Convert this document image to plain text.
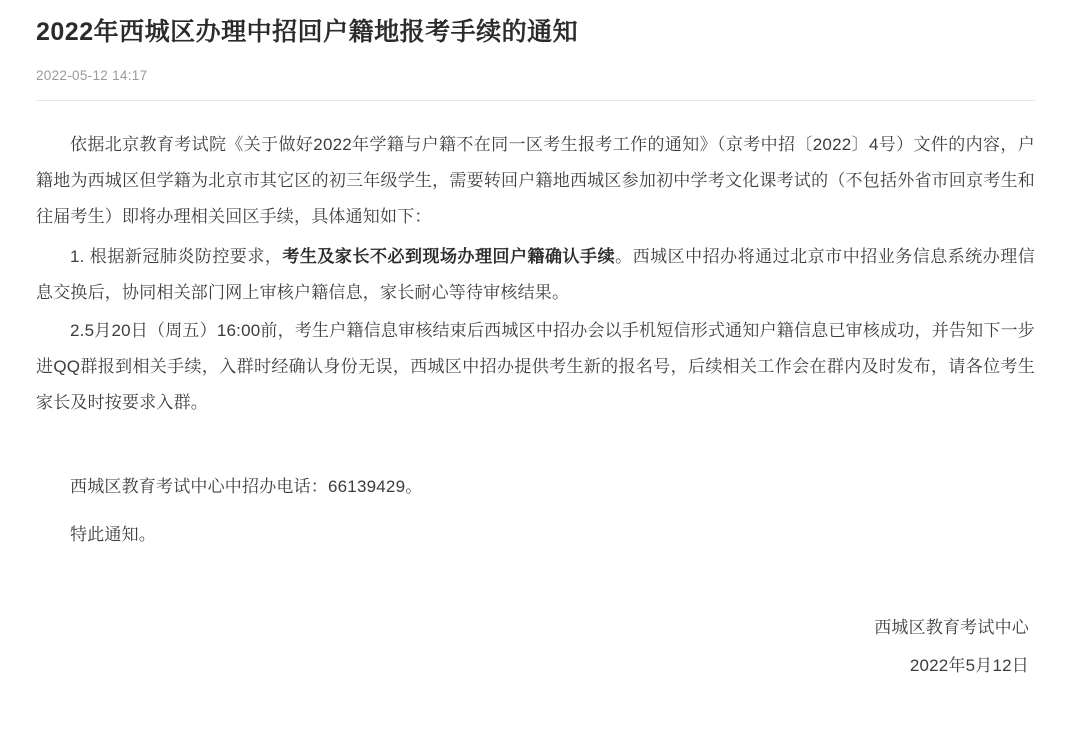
2022年西城区办理中招回户籍地报考手续的通知
2022-05-12 14:17

依据北京教育考试院《关于做好2022年学籍与户籍不在同一区考生报考工作的通知》（京考中招〔2022〕4号）文件的内容，户籍地为西城区但学籍为北京市其它区的初三年级学生，需要转回户籍地西城区参加初中学考文化课考试的（不包括外省市回京考生和往届考生）即将办理相关回区手续，具体通知如下：

1. 根据新冠肺炎防控要求，考生及家长不必到现场办理回户籍确认手续。西城区中招办将通过北京市中招业务信息系统办理信息交换后，协同相关部门网上审核户籍信息，家长耐心等待审核结果。

2.5月20日（周五）16:00前，考生户籍信息审核结束后西城区中招办会以手机短信形式通知户籍信息已审核成功，并告知下一步进QQ群报到相关手续，入群时经确认身份无误，西城区中招办提供考生新的报名号，后续相关工作会在群内及时发布，请各位考生家长及时按要求入群。

西城区教育考试中心中招办电话：66139429。

特此通知。

西城区教育考试中心
2022年5月12日
